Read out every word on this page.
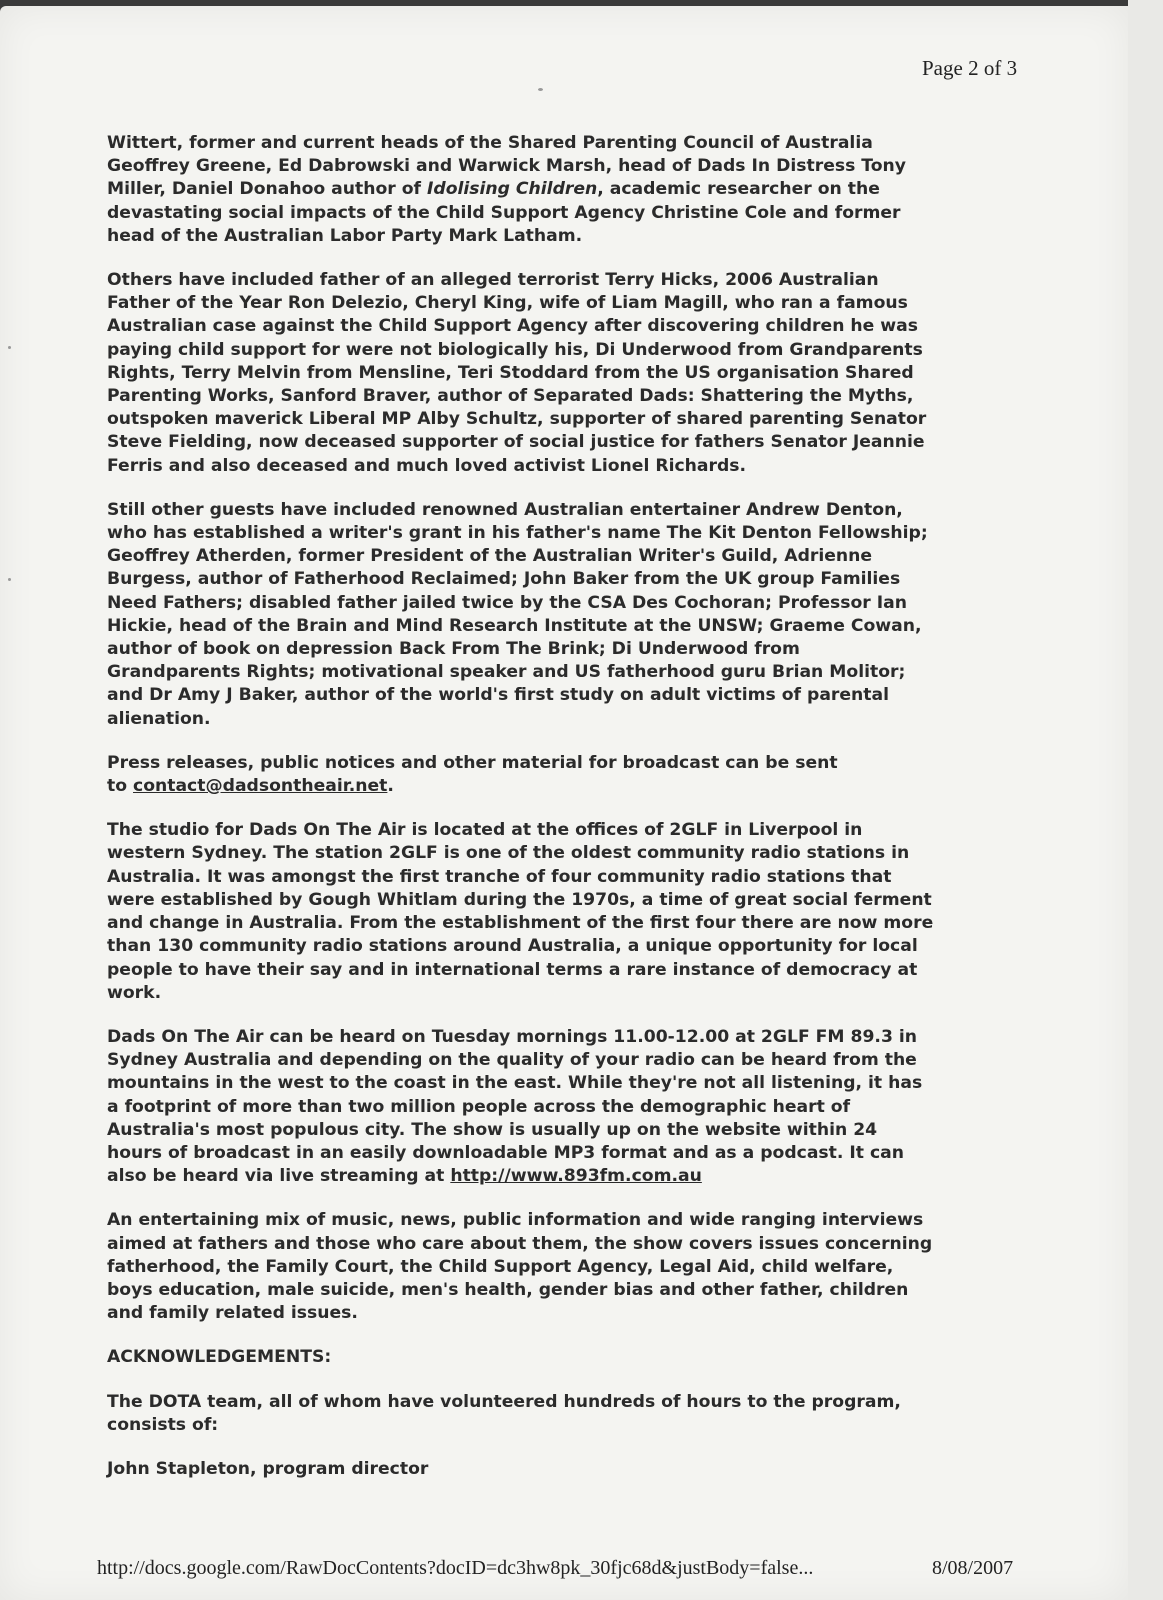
Page 2 of 3

Wittert, former and current heads of the Shared Parenting Council of Australia
Geoffrey Greene, Ed Dabrowski and Warwick Marsh, head of Dads In Distress Tony
Miller, Daniel Donahoo author of Idolising Children, academic researcher on the
devastating social impacts of the Child Support Agency Christine Cole and former
head of the Australian Labor Party Mark Latham.

Others have included father of an alleged terrorist Terry Hicks, 2006 Australian
Father of the Year Ron Delezio, Cheryl King, wife of Liam Magill, who ran a famous
Australian case against the Child Support Agency after discovering children he was
paying child support for were not biologically his, Di Underwood from Grandparents
Rights, Terry Melvin from Mensline, Teri Stoddard from the US organisation Shared
Parenting Works, Sanford Braver, author of Separated Dads: Shattering the Myths,
outspoken maverick Liberal MP Alby Schultz, supporter of shared parenting Senator
Steve Fielding, now deceased supporter of social justice for fathers Senator Jeannie
Ferris and also deceased and much loved activist Lionel Richards.

Still other guests have included renowned Australian entertainer Andrew Denton,
who has established a writer's grant in his father's name The Kit Denton Fellowship;
Geoffrey Atherden, former President of the Australian Writer's Guild, Adrienne
Burgess, author of Fatherhood Reclaimed; John Baker from the UK group Families
Need Fathers; disabled father jailed twice by the CSA Des Cochoran; Professor Ian
Hickie, head of the Brain and Mind Research Institute at the UNSW; Graeme Cowan,
author of book on depression Back From The Brink; Di Underwood from
Grandparents Rights; motivational speaker and US fatherhood guru Brian Molitor;
and Dr Amy J Baker, author of the world's first study on adult victims of parental
alienation.

Press releases, public notices and other material for broadcast can be sent
to contact@dadsontheair.net.

The studio for Dads On The Air is located at the offices of 2GLF in Liverpool in
western Sydney. The station 2GLF is one of the oldest community radio stations in
Australia. It was amongst the first tranche of four community radio stations that
were established by Gough Whitlam during the 1970s, a time of great social ferment
and change in Australia. From the establishment of the first four there are now more
than 130 community radio stations around Australia, a unique opportunity for local
people to have their say and in international terms a rare instance of democracy at
work.

Dads On The Air can be heard on Tuesday mornings 11.00-12.00 at 2GLF FM 89.3 in
Sydney Australia and depending on the quality of your radio can be heard from the
mountains in the west to the coast in the east. While they're not all listening, it has
a footprint of more than two million people across the demographic heart of
Australia's most populous city. The show is usually up on the website within 24
hours of broadcast in an easily downloadable MP3 format and as a podcast. It can
also be heard via live streaming at http://www.893fm.com.au

An entertaining mix of music, news, public information and wide ranging interviews
aimed at fathers and those who care about them, the show covers issues concerning
fatherhood, the Family Court, the Child Support Agency, Legal Aid, child welfare,
boys education, male suicide, men's health, gender bias and other father, children
and family related issues.

ACKNOWLEDGEMENTS:

The DOTA team, all of whom have volunteered hundreds of hours to the program,
consists of:

John Stapleton, program director

http://docs.google.com/RawDocContents?docID=dc3hw8pk_30fjc68d&justBody=false...	8/08/2007
